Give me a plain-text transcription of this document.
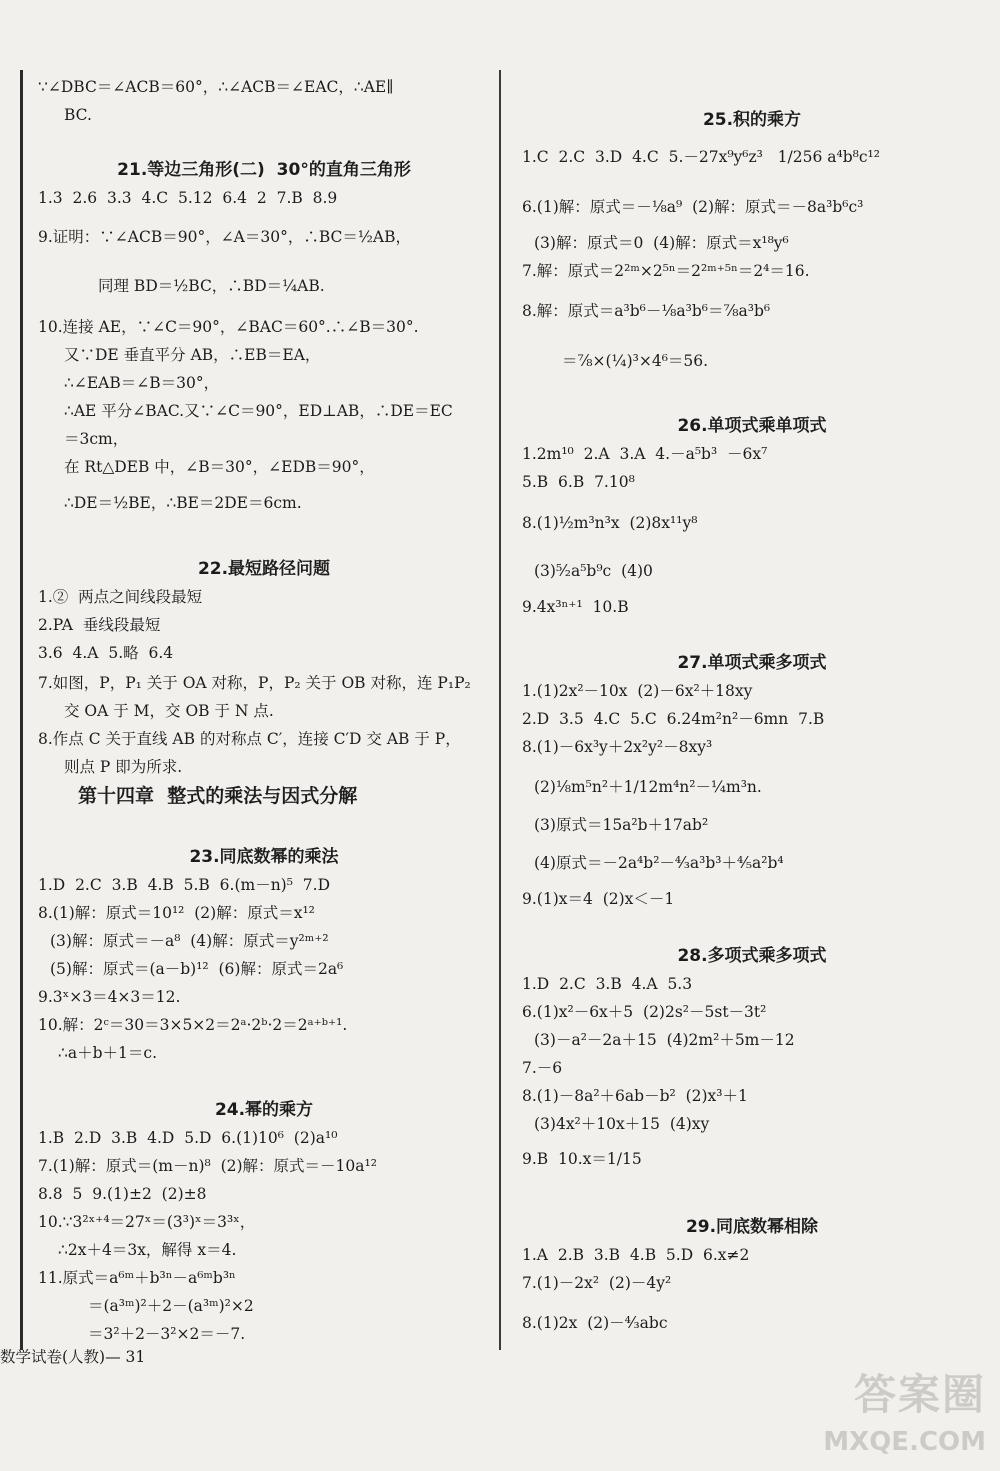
∵∠DBC＝∠ACB＝60°，∴∠ACB＝∠EAC，∴AE∥
BC.
21.等边三角形(二)  30°的直角三角形
1.3  2.6  3.3  4.C  5.12  6.4  2  7.B  8.9
9.证明：∵∠ACB＝90°，∠A＝30°，∴BC＝½AB，
同理 BD＝½BC，∴BD＝¼AB.
10.连接 AE，∵∠C＝90°，∠BAC＝60°.∴∠B＝30°.
又∵DE 垂直平分 AB，∴EB＝EA，
∴∠EAB＝∠B＝30°，
∴AE 平分∠BAC.又∵∠C＝90°，ED⊥AB，∴DE＝EC
＝3cm，
在 Rt△DEB 中，∠B＝30°，∠EDB＝90°，
∴DE＝½BE，∴BE＝2DE＝6cm.
22.最短路径问题
1.②  两点之间线段最短
2.PA  垂线段最短
3.6  4.A  5.略  6.4
7.如图，P，P₁ 关于 OA 对称，P，P₂ 关于 OB 对称，连 P₁P₂
交 OA 于 M，交 OB 于 N 点.
8.作点 C 关于直线 AB 的对称点 C′，连接 C′D 交 AB 于 P，
则点 P 即为所求.
第十四章  整式的乘法与因式分解
23.同底数幂的乘法
1.D  2.C  3.B  4.B  5.B  6.(m－n)⁵  7.D
8.(1)解：原式＝10¹²  (2)解：原式＝x¹²
(3)解：原式＝－a⁸  (4)解：原式＝y²ᵐ⁺²
(5)解：原式＝(a－b)¹²  (6)解：原式＝2a⁶
9.3ˣ×3＝4×3＝12.
10.解：2ᶜ＝30＝3×5×2＝2ᵃ·2ᵇ·2＝2ᵃ⁺ᵇ⁺¹.
∴a＋b＋1＝c.
24.幂的乘方
1.B  2.D  3.B  4.D  5.D  6.(1)10⁶  (2)a¹⁰
7.(1)解：原式＝(m－n)⁸  (2)解：原式＝－10a¹²
8.8  5  9.(1)±2  (2)±8
10.∵3²ˣ⁺⁴＝27ˣ＝(3³)ˣ＝3³ˣ，
∴2x＋4＝3x，解得 x＝4.
11.原式＝a⁶ᵐ＋b³ⁿ－a⁶ᵐb³ⁿ
＝(a³ᵐ)²＋2－(a³ᵐ)²×2
＝3²＋2－3²×2＝－7.
数学试卷(人教)— 31
25.积的乘方
1.C  2.C  3.D  4.C  5.－27x⁹y⁶z³   1/256 a⁴b⁸c¹²
6.(1)解：原式＝－⅛a⁹  (2)解：原式＝－8a³b⁶c³
(3)解：原式＝0  (4)解：原式＝x¹⁸y⁶
7.解：原式＝2²ᵐ×2⁵ⁿ＝2²ᵐ⁺⁵ⁿ＝2⁴＝16.
8.解：原式＝a³b⁶－⅛a³b⁶＝⅞a³b⁶
＝⅞×(¼)³×4⁶＝56.
26.单项式乘单项式
1.2m¹⁰  2.A  3.A  4.－a⁵b³  －6x⁷
5.B  6.B  7.10⁸
8.(1)½m³n³x  (2)8x¹¹y⁸
(3)⁵⁄₂a⁵b⁹c  (4)0
9.4x³ⁿ⁺¹  10.B
27.单项式乘多项式
1.(1)2x²－10x  (2)－6x²＋18xy
2.D  3.5  4.C  5.C  6.24m²n²－6mn  7.B
8.(1)－6x³y＋2x²y²－8xy³
(2)⅛m⁵n²＋1/12m⁴n²－¼m³n.
(3)原式＝15a²b＋17ab²
(4)原式＝－2a⁴b²－⁴⁄₃a³b³＋⁴⁄₅a²b⁴
9.(1)x＝4  (2)x＜－1
28.多项式乘多项式
1.D  2.C  3.B  4.A  5.3
6.(1)x²－6x＋5  (2)2s²－5st－3t²
(3)－a²－2a＋15  (4)2m²＋5m－12
7.－6
8.(1)－8a²＋6ab－b²  (2)x³＋1
(3)4x²＋10x＋15  (4)xy
9.B  10.x＝1/15
29.同底数幂相除
1.A  2.B  3.B  4.B  5.D  6.x≠2
7.(1)－2x²  (2)－4y²
8.(1)2x  (2)－⁴⁄₃abc
答案圈
MXQE.COM
